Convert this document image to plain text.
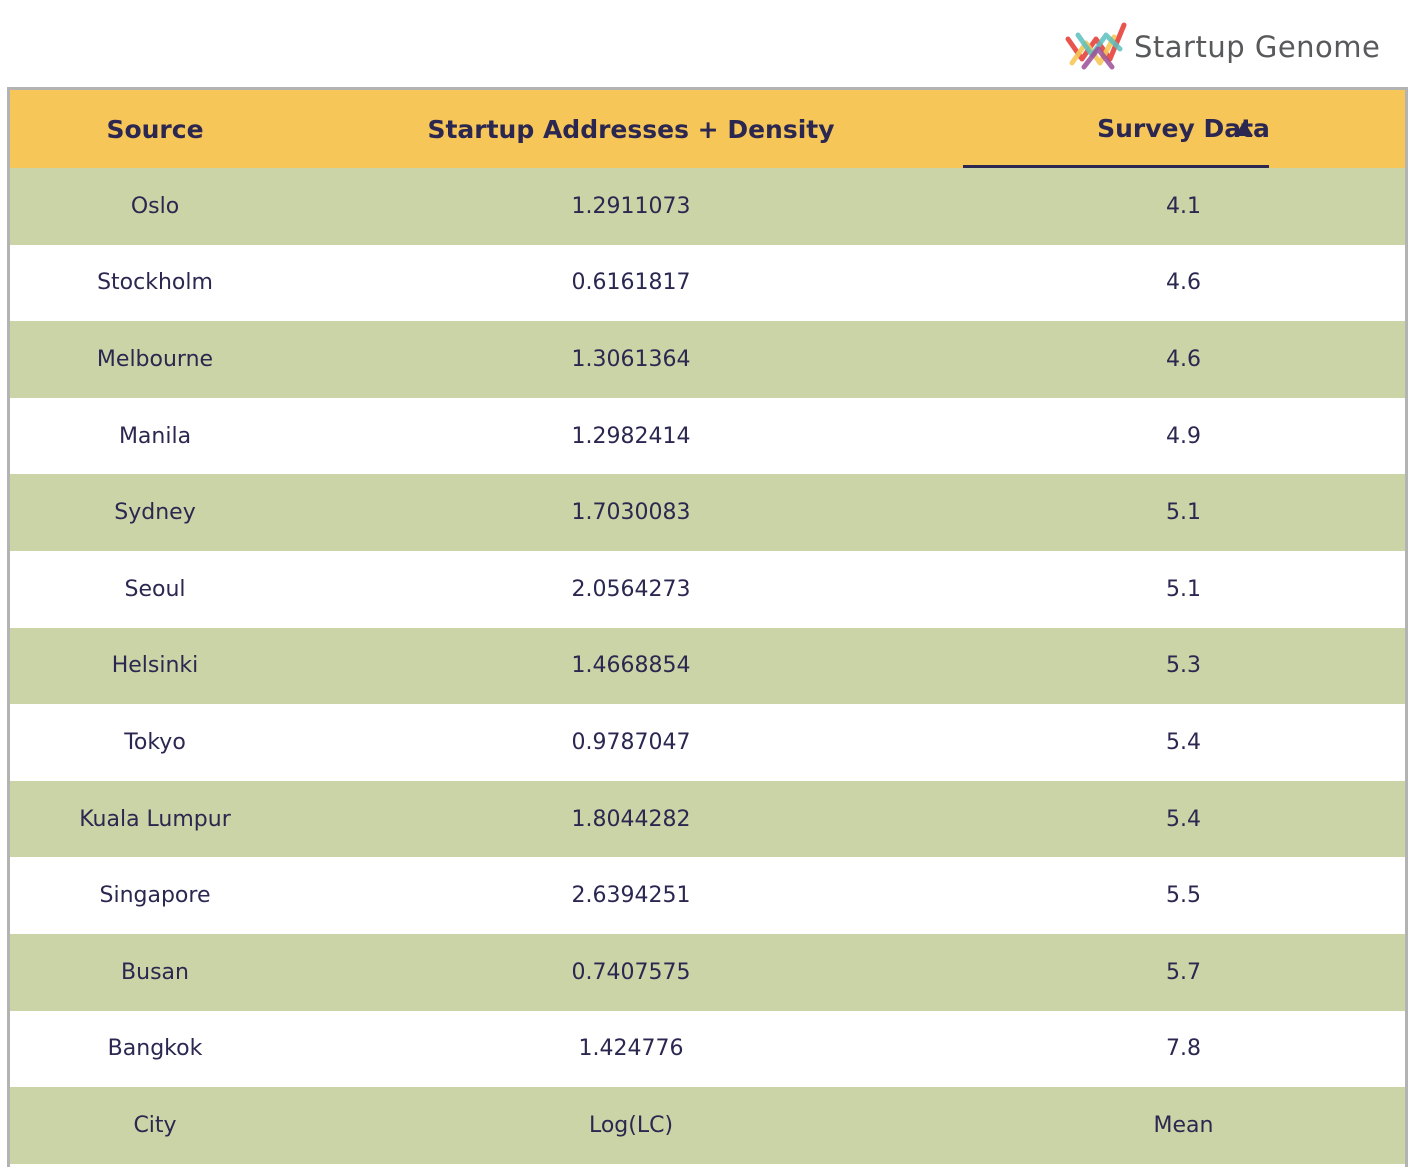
Startup Genome
Source	Startup Addresses + Density	Survey Data

Oslo	1.2911073	4.1
Stockholm	0.6161817	4.6
Melbourne	1.3061364	4.6
Manila	1.2982414	4.9
Sydney	1.7030083	5.1
Seoul	2.0564273	5.1
Helsinki	1.4668854	5.3
Tokyo	0.9787047	5.4
Kuala Lumpur	1.8044282	5.4
Singapore	2.6394251	5.5
Busan	0.7407575	5.7
Bangkok	1.424776	7.8
City	Log(LC)	Mean
